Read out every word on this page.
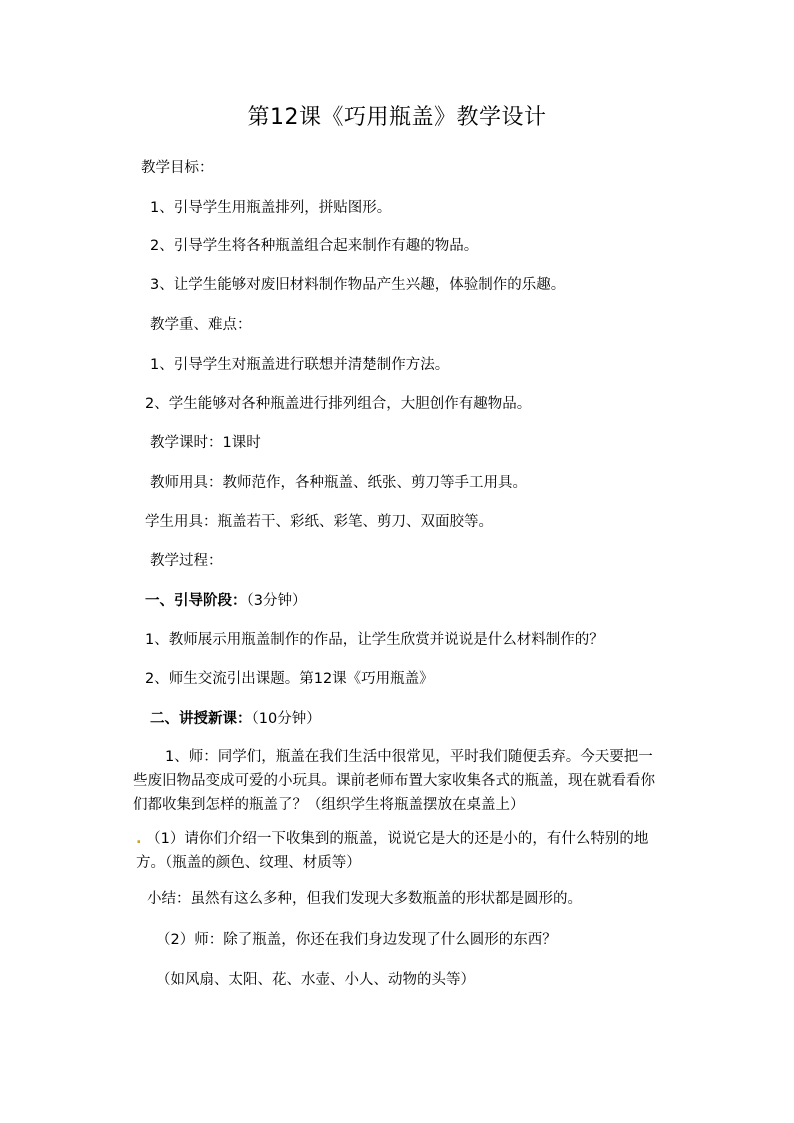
第12课《巧用瓶盖》教学设计

教学目标：

1、引导学生用瓶盖排列，拼贴图形。

2、引导学生将各种瓶盖组合起来制作有趣的物品。

3、让学生能够对废旧材料制作物品产生兴趣，体验制作的乐趣。

教学重、难点：

1、引导学生对瓶盖进行联想并清楚制作方法。

2、学生能够对各种瓶盖进行排列组合，大胆创作有趣物品。

教学课时：1课时

教师用具：教师范作，各种瓶盖、纸张、剪刀等手工用具。

学生用具：瓶盖若干、彩纸、彩笔、剪刀、双面胶等。

教学过程：

一、引导阶段：（3分钟）

1、教师展示用瓶盖制作的作品，让学生欣赏并说说是什么材料制作的？

2、师生交流引出课题。第12课《巧用瓶盖》

二、讲授新课：（10分钟）

1、师：同学们，瓶盖在我们生活中很常见，平时我们随便丢弃。今天要把一些废旧物品变成可爱的小玩具。课前老师布置大家收集各式的瓶盖，现在就看看你们都收集到怎样的瓶盖了？（组织学生将瓶盖摆放在桌盖上）

. （1）请你们介绍一下收集到的瓶盖，说说它是大的还是小的，有什么特别的地方。（瓶盖的颜色、纹理、材质等）

小结：虽然有这么多种，但我们发现大多数瓶盖的形状都是圆形的。

（2）师：除了瓶盖，你还在我们身边发现了什么圆形的东西？

（如风扇、太阳、花、水壶、小人、动物的头等）
